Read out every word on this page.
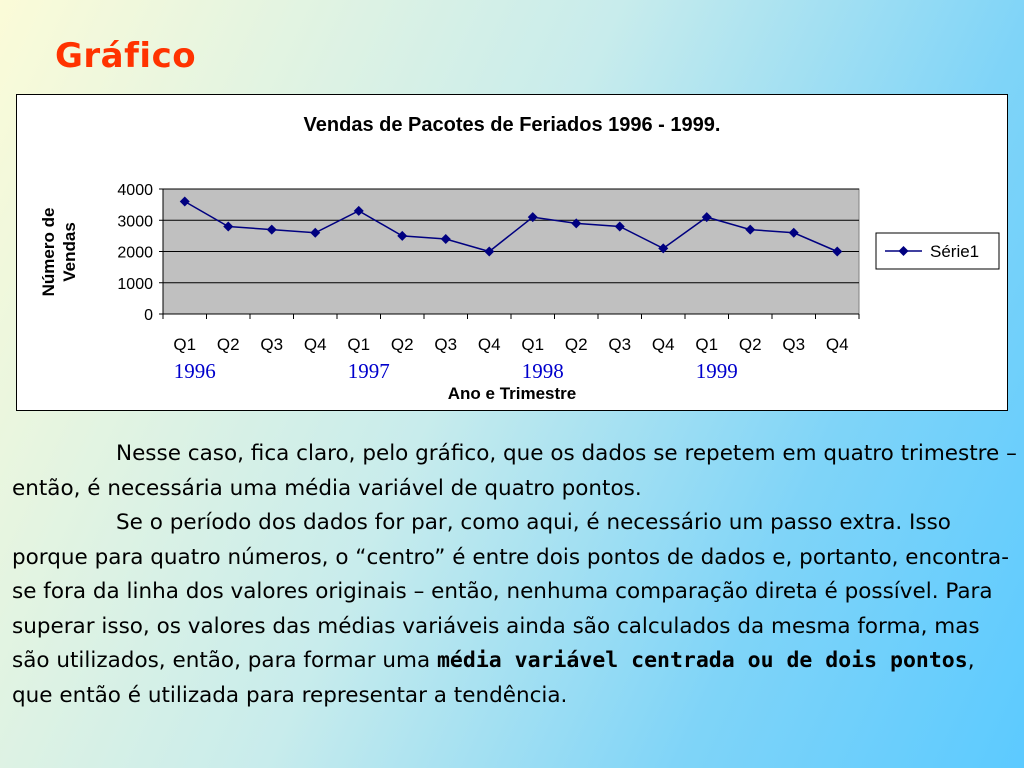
Gráfico
0
1000
2000
3000
4000
Q1 Q2 Q3 Q4 Q1 Q2 Q3 Q4 Q1 Q2 Q3 Q4 Q1 Q2 Q3 Q4
1996	1997	1998	1999
Ano e Trimestre
Número de Vendas	Série1
Vendas de Pacotes de Feriados 1996 - 1999.

Nesse caso, fica claro, pelo gráfico, que os dados se repetem em quatro trimestre – então, é necessária uma média variável de quatro pontos.

Se o período dos dados for par, como aqui, é necessário um passo extra. Isso porque para quatro números, o “centro” é entre dois pontos de dados e, portanto, encontra-se fora da linha dos valores originais – então, nenhuma comparação direta é possível. Para superar isso, os valores das médias variáveis ainda são calculados da mesma forma, mas são utilizados, então, para formar uma média variável centrada ou de dois pontos, que então é utilizada para representar a tendência.
